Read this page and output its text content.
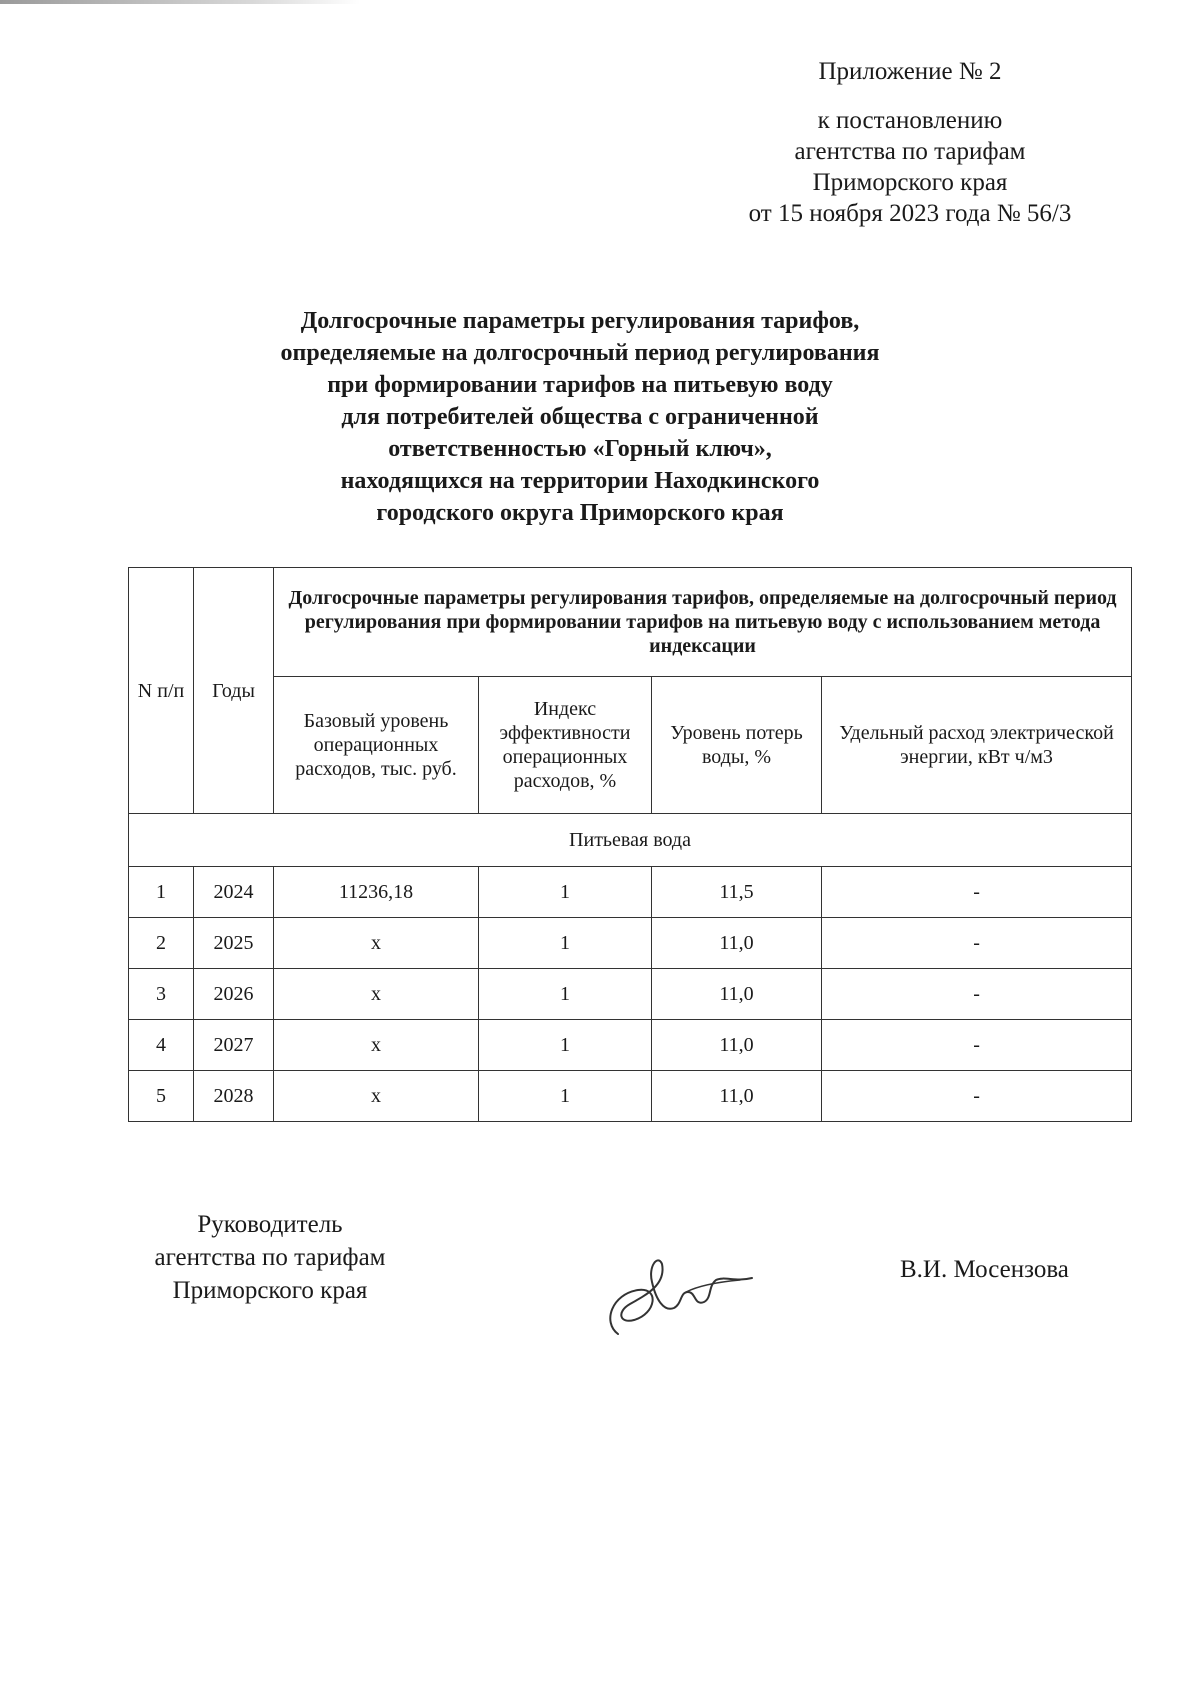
Приложение № 2
к постановлению
агентства по тарифам
Приморского края
от 15 ноября 2023 года № 56/3
Долгосрочные параметры регулирования тарифов,
определяемые на долгосрочный период регулирования
при формировании тарифов на питьевую воду
для потребителей общества с ограниченной
ответственностью «Горный ключ»,
находящихся на территории Находкинского
городского округа Приморского края
N п/п	Годы	Долгосрочные параметры регулирования тарифов, определяемые на долгосрочный период регулирования при формировании тарифов на питьевую воду с использованием метода индексации			
		Базовый уровень операционных расходов, тыс. руб.	Индекс эффективности операционных расходов, %	Уровень потерь воды, %	Удельный расход электрической энергии, кВт ч/м3
Питьевая вода					
1	2024	11236,18	1	11,5	-
2	2025	x	1	11,0	-
3	2026	x	1	11,0	-
4	2027	x	1	11,0	-
5	2028	x	1	11,0	-
Руководитель
агентства по тарифам
Приморского края
В.И. Мосензова
